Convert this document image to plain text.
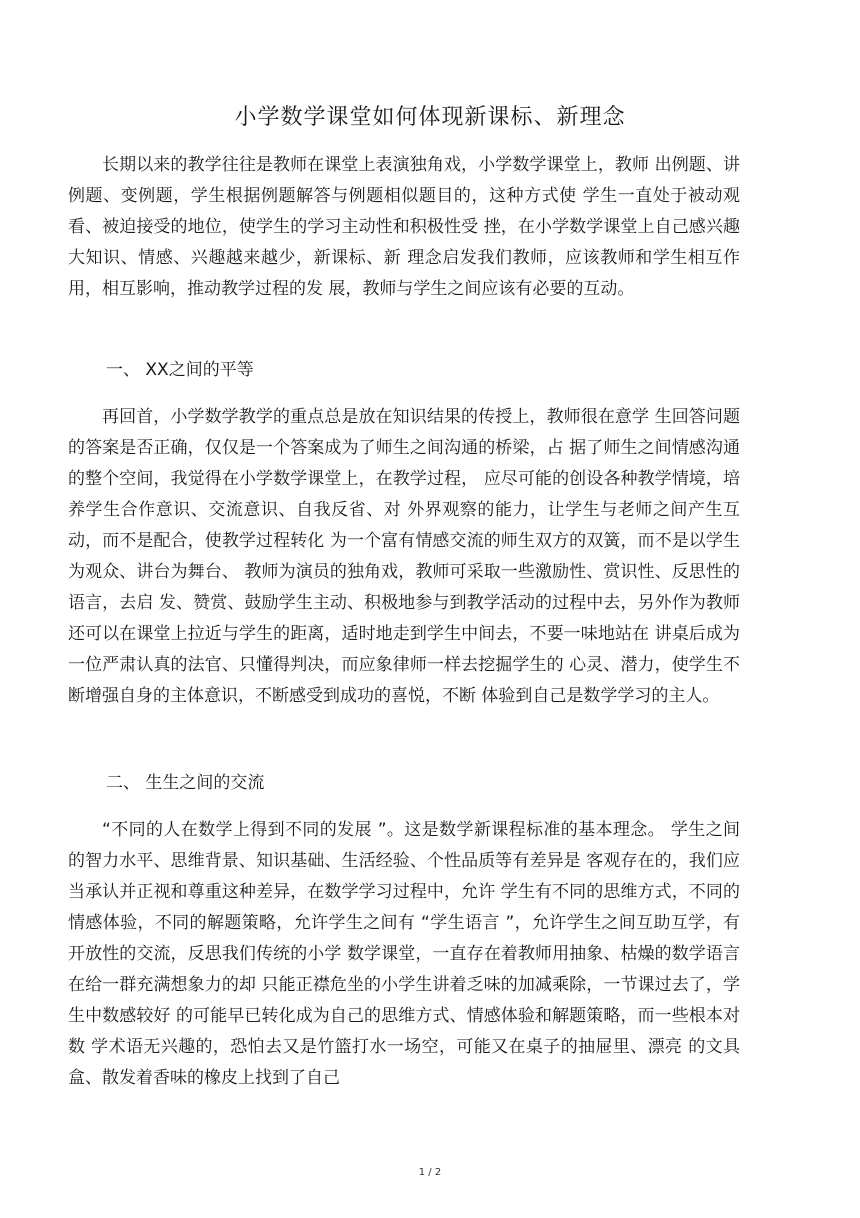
小学数学课堂如何体现新课标、新理念

长期以来的教学往往是教师在课堂上表演独角戏，小学数学课堂上，教师 出例题、讲例题、变例题，学生根据例题解答与例题相似题目的，这种方式使 学生一直处于被动观看、被迫接受的地位，使学生的学习主动性和积极性受 挫，在小学数学课堂上自己感兴趣大知识、情感、兴趣越来越少，新课标、新 理念启发我们教师，应该教师和学生相互作用，相互影响，推动教学过程的发 展，教师与学生之间应该有必要的互动。

一、 XX之间的平等

再回首，小学数学教学的重点总是放在知识结果的传授上，教师很在意学 生回答问题的答案是否正确，仅仅是一个答案成为了师生之间沟通的桥梁，占 据了师生之间情感沟通的整个空间，我觉得在小学数学课堂上，在教学过程， 应尽可能的创设各种教学情境，培养学生合作意识、交流意识、自我反省、对 外界观察的能力，让学生与老师之间产生互动，而不是配合，使教学过程转化 为一个富有情感交流的师生双方的双簧，而不是以学生为观众、讲台为舞台、 教师为演员的独角戏，教师可采取一些激励性、赏识性、反思性的语言，去启 发、赞赏、鼓励学生主动、积极地参与到教学活动的过程中去，另外作为教师 还可以在课堂上拉近与学生的距离，适时地走到学生中间去，不要一味地站在 讲桌后成为一位严肃认真的法官、只懂得判决，而应象律师一样去挖掘学生的 心灵、潜力，使学生不断增强自身的主体意识，不断感受到成功的喜悦，不断 体验到自己是数学学习的主人。

二、 生生之间的交流

“不同的人在数学上得到不同的发展 ”。这是数学新课程标准的基本理念。 学生之间的智力水平、思维背景、知识基础、生活经验、个性品质等有差异是 客观存在的，我们应当承认并正视和尊重这种差异，在数学学习过程中，允许 学生有不同的思维方式，不同的情感体验，不同的解题策略，允许学生之间有 “学生语言 ”，允许学生之间互助互学，有开放性的交流，反思我们传统的小学 数学课堂，一直存在着教师用抽象、枯燥的数学语言在给一群充满想象力的却 只能正襟危坐的小学生讲着乏味的加减乘除，一节课过去了，学生中数感较好 的可能早已转化成为自己的思维方式、情感体验和解题策略，而一些根本对数 学术语无兴趣的，恐怕去又是竹篮打水一场空，可能又在桌子的抽屉里、漂亮 的文具盒、散发着香味的橡皮上找到了自己

1 / 2
